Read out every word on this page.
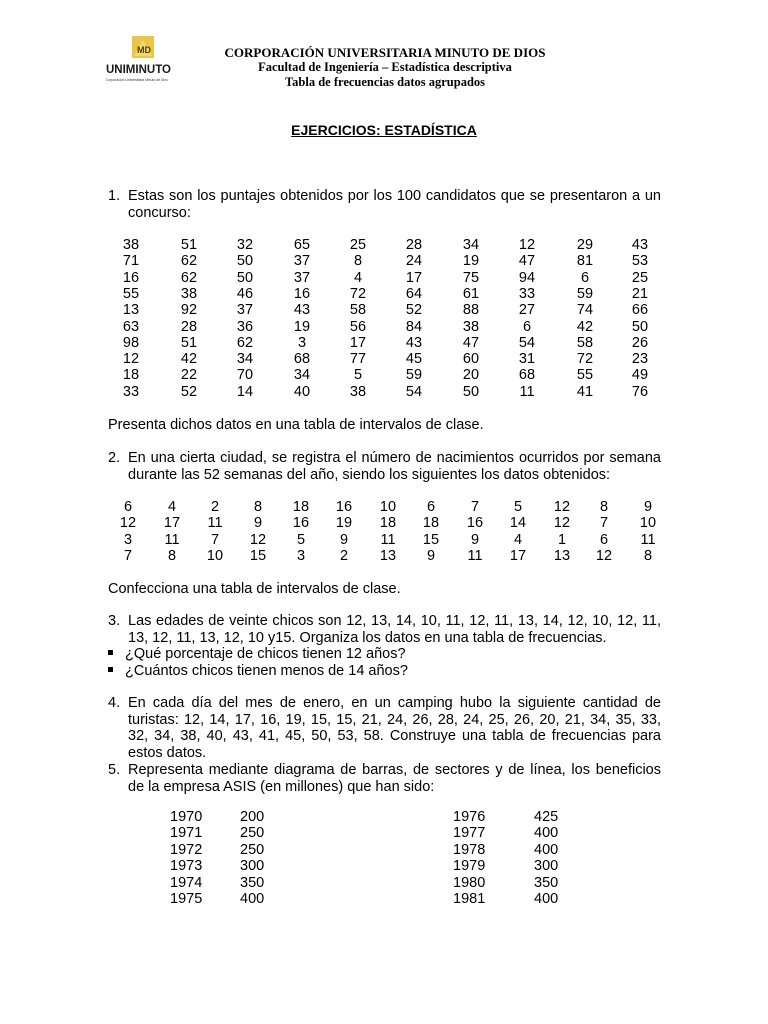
MD
UNIMINUTO
Corporación Universitaria Minuto de Dios
CORPORACIÓN UNIVERSITARIA MINUTO DE DIOS
Facultad de Ingeniería – Estadística descriptiva
Tabla de frecuencias datos agrupados
EJERCICIOS: ESTADÍSTICA
1. Estas son los puntajes obtenidos por los 100 candidatos que se presentaron a un concurso:
38	51	32	65	25	28	34	12	29	43
71	62	50	37	8	24	19	47	81	53
16	62	50	37	4	17	75	94	6	25
55	38	46	16	72	64	61	33	59	21
13	92	37	43	58	52	88	27	74	66
63	28	36	19	56	84	38	6	42	50
98	51	62	3	17	43	47	54	58	26
12	42	34	68	77	45	60	31	72	23
18	22	70	34	5	59	20	68	55	49
33	52	14	40	38	54	50	11	41	76
Presenta dichos datos en una tabla de intervalos de clase.
2. En una cierta ciudad, se registra el número de nacimientos ocurridos por semana durante las 52 semanas del año, siendo los siguientes los datos obtenidos:
6	4	2	8	18 16 10	6	7	5	12	8	9
12 17 11	9	16 19 18 18 16 14 12	7	10
3	11	7	12	5	9	11 15	9	4	1	6	11
7	8	10 15	3	2	13	9	11 17 13 12	8
Confecciona una tabla de intervalos de clase.
3. Las edades de veinte chicos son 12, 13, 14, 10, 11, 12, 11, 13, 14, 12, 10, 12, 11, 13, 12, 11, 13, 12, 10 y15. Organiza los datos en una tabla de frecuencias.
¿Qué porcentaje de chicos tienen 12 años?
¿Cuántos chicos tienen menos de 14 años?
4. En cada día del mes de enero, en un camping hubo la siguiente cantidad de turistas: 12, 14, 17, 16, 19, 15, 15, 21, 24, 26, 28, 24, 25, 26, 20, 21, 34, 35, 33, 32, 34, 38, 40, 43, 41, 45, 50, 53, 58. Construye una tabla de frecuencias para estos datos.
5. Representa mediante diagrama de barras, de sectores y de línea, los beneficios de la empresa ASIS (en millones) que han sido:
1970	200
1971	250
1972	250
1973	300
1974	350
1975	400
1976	425
1977	400
1978	400
1979	300
1980	350
1981	400
